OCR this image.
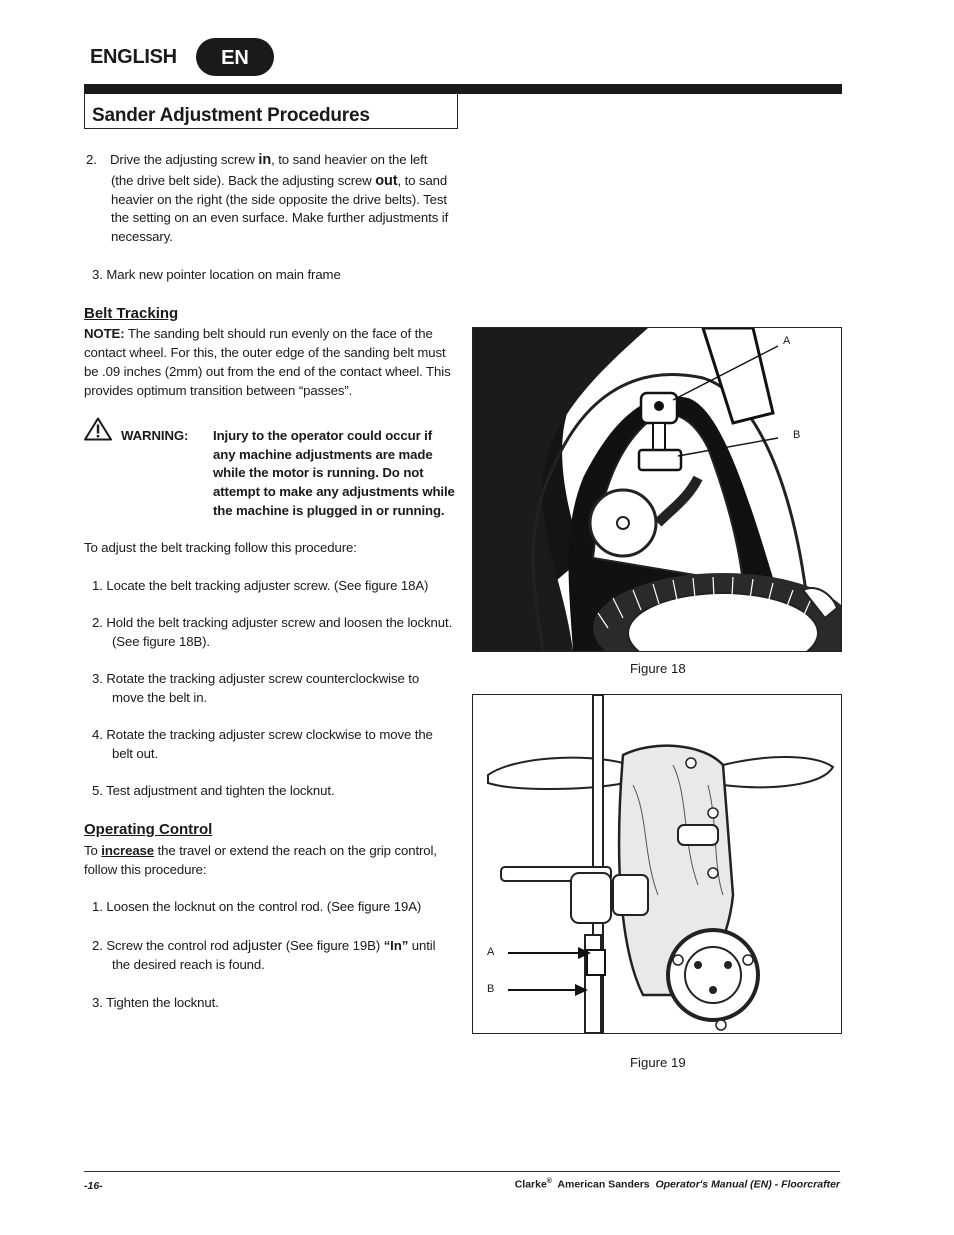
ENGLISH	EN
Sander Adjustment Procedures
2. Drive the adjusting screw in, to sand heavier on the left
(the drive belt side). Back the adjusting screw out, to sand
heavier on the right (the side opposite the drive belts). Test
the setting on an even surface. Make further adjustments if
necessary.
3. Mark new pointer location on main frame
Belt Tracking
NOTE: The sanding belt should run evenly on the face of the
contact wheel. For this, the outer edge of the sanding belt must
be .09 inches (2mm) out from the end of the contact wheel. This
provides optimum transition between “passes”.
WARNING: Injury to the operator could occur if
any machine adjustments are made
while the motor is running. Do not
attempt to make any adjustments while
the machine is plugged in or running.
To adjust the belt tracking follow this procedure:
1. Locate the belt tracking adjuster screw. (See figure 18A)
2. Hold the belt tracking adjuster screw and loosen the locknut.
(See figure 18B).
3. Rotate the tracking adjuster screw counterclockwise to
move the belt in.
4. Rotate the tracking adjuster screw clockwise to move the
belt out.
5. Test adjustment and tighten the locknut.
Operating Control
To increase the travel or extend the reach on the grip control,
follow this procedure:
1. Loosen the locknut on the control rod. (See figure 19A)
2. Screw the control rod adjuster (See figure 19B) “In” until
the desired reach is found.
3. Tighten the locknut.
A
B
Figure 18
A
B
Figure 19
-16-	Clarke®  American Sanders  Operator's Manual (EN) - Floorcrafter
